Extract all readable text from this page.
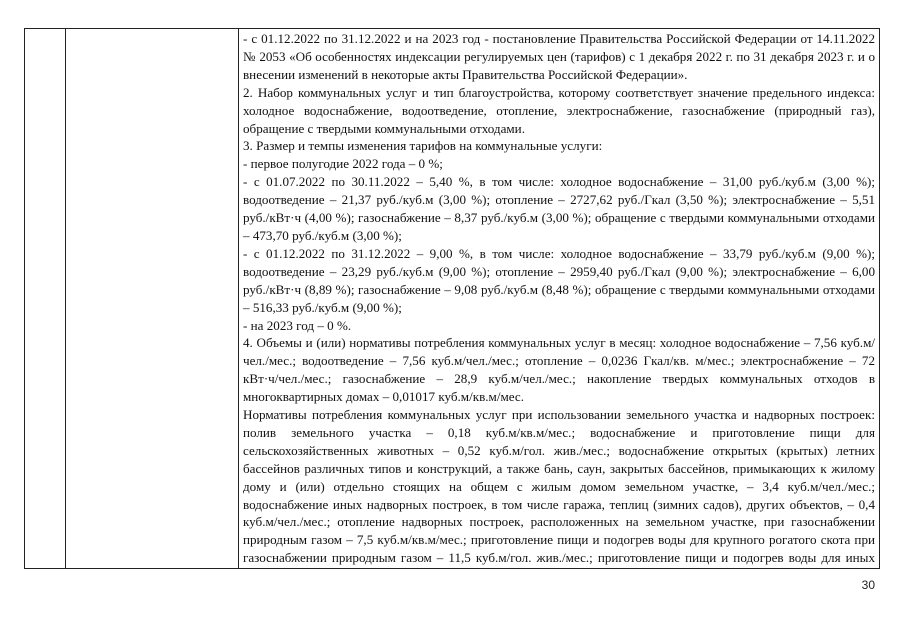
- с 01.12.2022 по 31.12.2022 и на 2023 год - постановление Правительства Российской Федерации от 14.11.2022 № 2053 «Об особенностях индексации регулируемых цен (тарифов) с 1 декабря 2022 г. по 31 декабря 2023 г. и о внесении изменений в некоторые акты Правительства Российской Федерации».

2. Набор коммунальных услуг и тип благоустройства, которому соответствует значение предельного индекса: холодное водоснабжение, водоотведение, отопление, электроснабжение, газоснабжение (природный газ), обращение с твердыми коммунальными отходами.

3. Размер и темпы изменения тарифов на коммунальные услуги:

- первое полугодие 2022 года – 0 %;

- с 01.07.2022 по 30.11.2022 – 5,40 %, в том числе: холодное водоснабжение – 31,00 руб./куб.м (3,00 %); водоотведение – 21,37 руб./куб.м (3,00 %); отопление – 2727,62 руб./Гкал (3,50 %); электроснабжение – 5,51 руб./кВт·ч (4,00 %); газоснабжение – 8,37 руб./куб.м (3,00 %); обращение с твердыми коммунальными отходами – 473,70 руб./куб.м (3,00 %);

- с 01.12.2022 по 31.12.2022 – 9,00 %, в том числе: холодное водоснабжение – 33,79 руб./куб.м (9,00 %); водоотведение – 23,29 руб./куб.м (9,00 %); отопление – 2959,40 руб./Гкал (9,00 %); электроснабжение – 6,00 руб./кВт·ч (8,89 %); газоснабжение – 9,08 руб./куб.м (8,48 %); обращение с твердыми коммунальными отходами – 516,33 руб./куб.м (9,00 %);

- на 2023 год – 0 %.

4. Объемы и (или) нормативы потребления коммунальных услуг в месяц: холодное водоснабжение – 7,56 куб.м/чел./мес.; водоотведение – 7,56 куб.м/чел./мес.; отопление – 0,0236 Гкал/кв. м/мес.; электроснабжение – 72 кВт·ч/чел./мес.; газоснабжение – 28,9 куб.м/чел./мес.; накопление твердых коммунальных отходов в многоквартирных домах – 0,01017 куб.м/кв.м/мес.

Нормативы потребления коммунальных услуг при использовании земельного участка и надворных построек: полив земельного участка – 0,18 куб.м/кв.м/мес.; водоснабжение и приготовление пищи для сельскохозяйственных животных – 0,52 куб.м/гол. жив./мес.; водоснабжение открытых (крытых) летних бассейнов различных типов и конструкций, а также бань, саун, закрытых бассейнов, примыкающих к жилому дому и (или) отдельно стоящих на общем с жилым домом земельном участке, – 3,4 куб.м/чел./мес.; водоснабжение иных надворных построек, в том числе гаража, теплиц (зимних садов), других объектов, – 0,4 куб.м/чел./мес.; отопление надворных построек, расположенных на земельном участке, при газоснабжении природным газом – 7,5 куб.м/кв.м/мес.; приготовление пищи и подогрев воды для крупного рогатого скота при газоснабжении природным газом – 11,5 куб.м/гол. жив./мес.; приготовление пищи и подогрев воды для иных

30
